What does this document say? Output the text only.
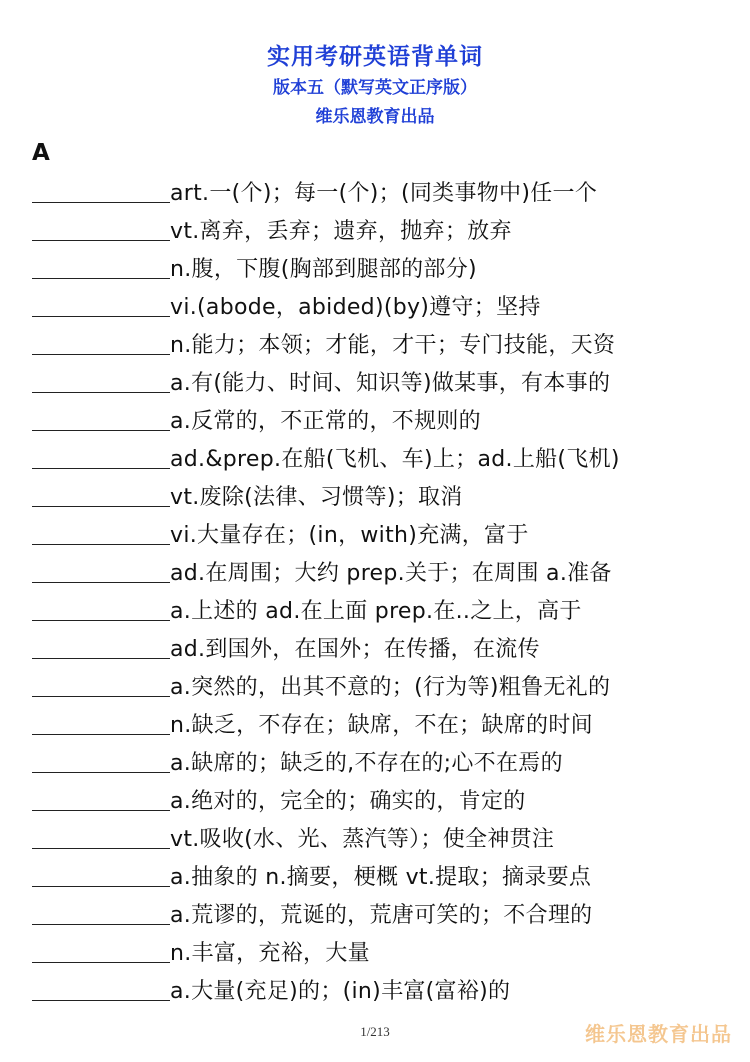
实用考研英语背单词
版本五（默写英文正序版）
维乐恩教育出品
A
art.一(个)；每一(个)；(同类事物中)任一个
vt.离弃，丢弃；遗弃，抛弃；放弃
n.腹，下腹(胸部到腿部的部分)
vi.(abode，abided)(by)遵守；坚持
n.能力；本领；才能，才干；专门技能，天资
a.有(能力、时间、知识等)做某事，有本事的
a.反常的，不正常的，不规则的
ad.&prep.在船(飞机、车)上；ad.上船(飞机)
vt.废除(法律、习惯等)；取消
vi.大量存在；(in，with)充满，富于
ad.在周围；大约 prep.关于；在周围 a.准备
a.上述的 ad.在上面 prep.在..之上，高于
ad.到国外，在国外；在传播，在流传
a.突然的，出其不意的；(行为等)粗鲁无礼的
n.缺乏，不存在；缺席，不在；缺席的时间
a.缺席的；缺乏的,不存在的;心不在焉的
a.绝对的，完全的；确实的，肯定的
vt.吸收(水、光、蒸汽等）；使全神贯注
a.抽象的 n.摘要，梗概 vt.提取；摘录要点
a.荒谬的，荒诞的，荒唐可笑的；不合理的
n.丰富，充裕，大量
a.大量(充足)的；(in)丰富(富裕)的
1/213	维乐恩教育出品
